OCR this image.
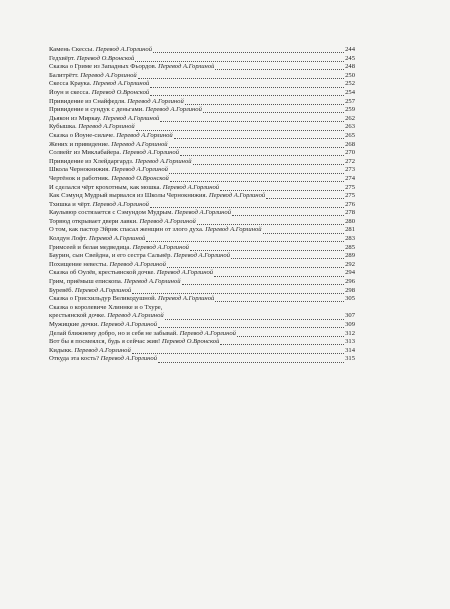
Камень Скессы. Перевод А.Горлиной	244
Гедхвёрт. Перевод О.Вронской	245
Сказка о Гриме из Западных Фьордов. Перевод А.Горлиной	248
Балитрётт. Перевод А.Горлиной	250
Скесса Краука. Перевод А.Горлиной	252
Йоун и скесса. Перевод О.Вронской	254
Привидение из Снайфедля. Перевод А.Горлиной	257
Привидение и сундук с деньгами. Перевод А.Горлиной	259
Дьякон из Миркау. Перевод А.Горлиной	262
Кубышка. Перевод А.Горлиной	263
Сказка о Йоуне-силаче. Перевод А.Горлиной	265
Жених и привидение. Перевод А.Горлиной	268
Солвейг из Миклабайера. Перевод А.Горлиной	270
Привидение из Хлейдаргардз. Перевод А.Горлиной	272
Школа Чернокнижия. Перевод А.Горлиной	273
Чертёнок и работник. Перевод О.Вронской	274
И сделался чёрт крохотным, как мошка. Перевод А.Горлиной	275
Как Сэмунд Мудрый вырвался из Школы Чернокнижия. Перевод А.Горлиной	275
Тхишка и чёрт. Перевод А.Горлиной	276
Каульвюр состязается с Сэмундом Мудрым. Перевод А.Горлиной	278
Торвюд открывает двери лавки. Перевод А.Горлиной	280
О том, как пастор Эйрик спасал женщин от злого духа. Перевод А.Горлиной	281
Колдун Лофт. Перевод А.Горлиной	283
Гримсеей и белая медведица. Перевод А.Горлиной	285
Баурин, сын Свейдна, и его сестра Сальвёр. Перевод А.Горлиной	289
Похищение невесты. Перевод А.Горлиной	292
Сказка об Оулёв, крестьянской дочке. Перевод А.Горлиной	294
Грим, приёмыш епископа. Перевод А.Горлиной	296
Буревёб. Перевод А.Горлиной	298
Сказка о Грисхильдур Великодушной. Перевод А.Горлиной	305
Сказка о королевиче Хлиннке и о Тхуре,
крестьянской дочке. Перевод А.Горлиной	307
Мужицкие дочки. Перевод А.Горлиной	309
Делай ближнему добро, но и себя не забывай. Перевод А.Горлиной	312
Вот бы я посмеялся, будь я сейчас жив! Перевод О.Вронской	313
Кидыкк. Перевод А.Горлиной	314
Откуда эта кость? Перевод А.Горлиной	315
